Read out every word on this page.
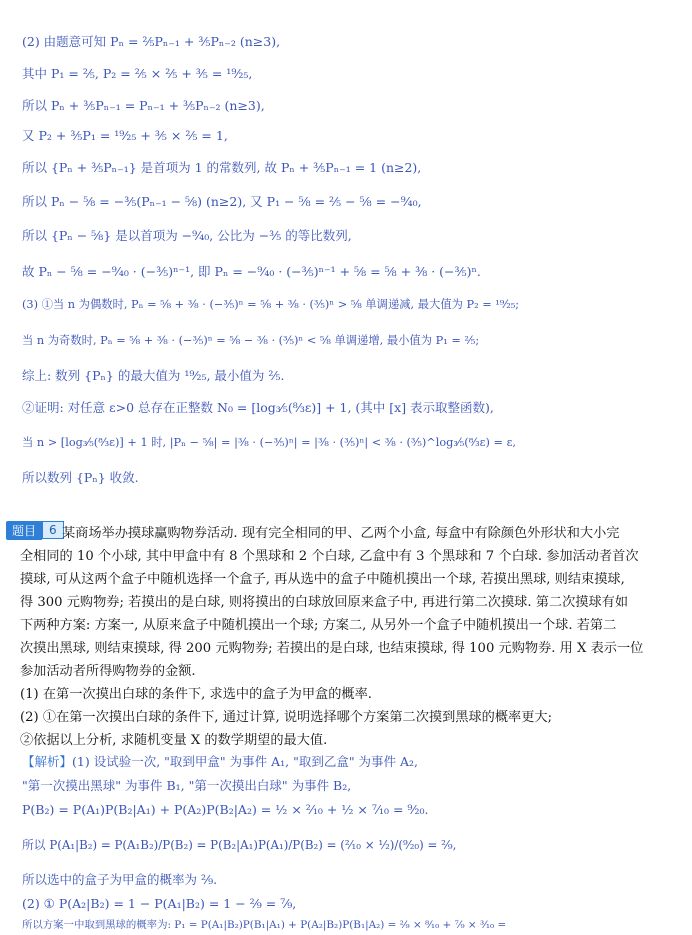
(2) 由题意可知 Pₙ = ²⁄₅Pₙ₋₁ + ³⁄₅Pₙ₋₂ (n≥3),
其中 P₁ = ²⁄₅, P₂ = ²⁄₅ × ²⁄₅ + ³⁄₅ = ¹⁹⁄₂₅,
所以 Pₙ + ³⁄₅Pₙ₋₁ = Pₙ₋₁ + ³⁄₅Pₙ₋₂ (n≥3),
又 P₂ + ³⁄₅P₁ = ¹⁹⁄₂₅ + ³⁄₅ × ²⁄₅ = 1,
所以 {Pₙ + ³⁄₅Pₙ₋₁} 是首项为 1 的常数列, 故 Pₙ + ³⁄₅Pₙ₋₁ = 1 (n≥2),
所以 Pₙ − ⁵⁄₈ = −³⁄₅(Pₙ₋₁ − ⁵⁄₈) (n≥2), 又 P₁ − ⁵⁄₈ = ²⁄₅ − ⁵⁄₈ = −⁹⁄₄₀,
所以 {Pₙ − ⁵⁄₈} 是以首项为 −⁹⁄₄₀, 公比为 −³⁄₅ 的等比数列,
故 Pₙ − ⁵⁄₈ = −⁹⁄₄₀ · (−³⁄₅)ⁿ⁻¹, 即 Pₙ = −⁹⁄₄₀ · (−³⁄₅)ⁿ⁻¹ + ⁵⁄₈ = ⁵⁄₈ + ³⁄₈ · (−³⁄₅)ⁿ.
(3) ①当 n 为偶数时, Pₙ = ⁵⁄₈ + ³⁄₈ · (−³⁄₅)ⁿ = ⁵⁄₈ + ³⁄₈ · (³⁄₅)ⁿ > ⁵⁄₈ 单调递减, 最大值为 P₂ = ¹⁹⁄₂₅;
当 n 为奇数时, Pₙ = ⁵⁄₈ + ³⁄₈ · (−³⁄₅)ⁿ = ⁵⁄₈ − ³⁄₈ · (³⁄₅)ⁿ < ⁵⁄₈ 单调递增, 最小值为 P₁ = ²⁄₅;
综上: 数列 {Pₙ} 的最大值为 ¹⁹⁄₂₅, 最小值为 ²⁄₅.
②证明: 对任意 ε>0 总存在正整数 N₀ = [log₃⁄₅(⁸⁄₃ε)] + 1, (其中 [x] 表示取整函数),
当 n > [log₃⁄₅(⁸⁄₃ε)] + 1 时, |Pₙ − ⁵⁄₈| = |³⁄₈ · (−³⁄₅)ⁿ| = |³⁄₈ · (³⁄₅)ⁿ| < ³⁄₈ · (³⁄₅)^log₃⁄₅(⁸⁄₃ε) = ε,
所以数列 {Pₙ} 收敛.
题目	6 某商场举办摸球赢购物券活动. 现有完全相同的甲、乙两个小盒, 每盒中有除颜色外形状和大小完
全相同的 10 个小球, 其中甲盒中有 8 个黑球和 2 个白球, 乙盒中有 3 个黑球和 7 个白球. 参加活动者首次
摸球, 可从这两个盒子中随机选择一个盒子, 再从选中的盒子中随机摸出一个球, 若摸出黑球, 则结束摸球,
得 300 元购物券; 若摸出的是白球, 则将摸出的白球放回原来盒子中, 再进行第二次摸球. 第二次摸球有如
下两种方案: 方案一, 从原来盒子中随机摸出一个球; 方案二, 从另外一个盒子中随机摸出一个球. 若第二
次摸出黑球, 则结束摸球, 得 200 元购物券; 若摸出的是白球, 也结束摸球, 得 100 元购物券. 用 X 表示一位
参加活动者所得购物券的金额.
(1) 在第一次摸出白球的条件下, 求选中的盒子为甲盒的概率.
(2) ①在第一次摸出白球的条件下, 通过计算, 说明选择哪个方案第二次摸到黑球的概率更大;
②依据以上分析, 求随机变量 X 的数学期望的最大值.
【解析】(1) 设试验一次, "取到甲盒" 为事件 A₁, "取到乙盒" 为事件 A₂,
"第一次摸出黑球" 为事件 B₁, "第一次摸出白球" 为事件 B₂,
P(B₂) = P(A₁)P(B₂|A₁) + P(A₂)P(B₂|A₂) = ½ × ²⁄₁₀ + ½ × ⁷⁄₁₀ = ⁹⁄₂₀.
所以 P(A₁|B₂) = P(A₁B₂)/P(B₂) = P(B₂|A₁)P(A₁)/P(B₂) = (²⁄₁₀ × ½)/(⁹⁄₂₀) = ²⁄₉,
所以选中的盒子为甲盒的概率为 ²⁄₉.
(2) ① P(A₂|B₂) = 1 − P(A₁|B₂) = 1 − ²⁄₉ = ⁷⁄₉,
所以方案一中取到黑球的概率为: P₁ = P(A₁|B₂)P(B₁|A₁) + P(A₂|B₂)P(B₁|A₂) = ²⁄₉ × ⁸⁄₁₀ + ⁷⁄₉ × ³⁄₁₀ =
